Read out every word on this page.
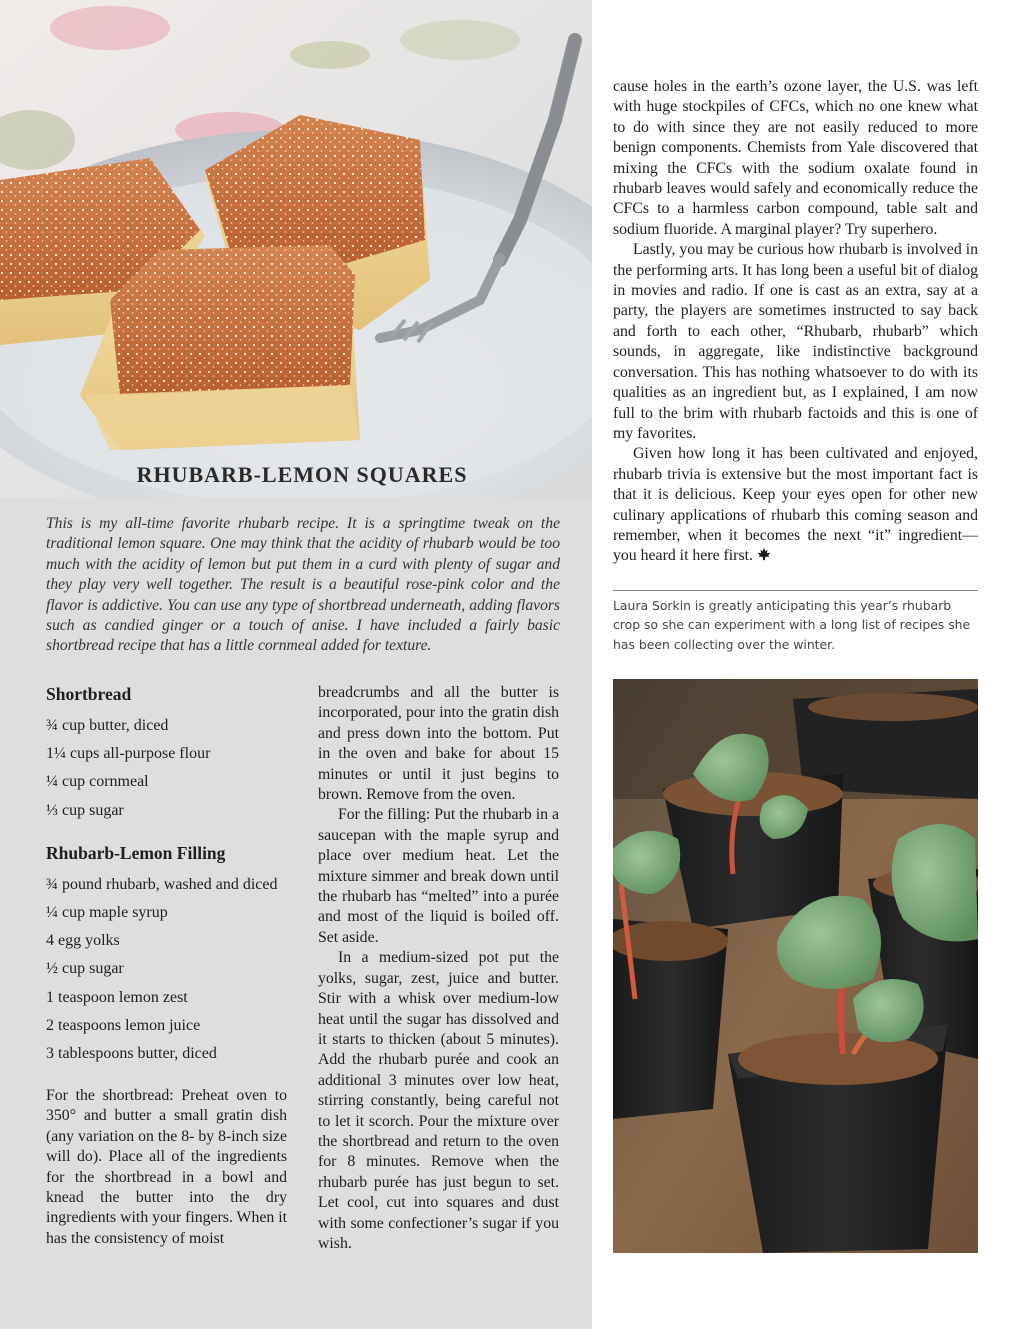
RHUBARB-LEMON SQUARES
This is my all-time favorite rhubarb recipe. It is a springtime tweak on the traditional lemon square. One may think that the acidity of rhubarb would be too much with the acidity of lemon but put them in a curd with plenty of sugar and they play very well together. The result is a beautiful rose-pink color and the flavor is addictive. You can use any type of shortbread underneath, adding flavors such as candied ginger or a touch of anise. I have included a fairly basic shortbread recipe that has a little cornmeal added for texture.
Shortbread
¾ cup butter, diced
1¼ cups all-purpose flour
¼ cup cornmeal
⅓ cup sugar
Rhubarb-Lemon Filling
¾ pound rhubarb, washed and diced
¼ cup maple syrup
4 egg yolks
½ cup sugar
1 teaspoon lemon zest
2 teaspoons lemon juice
3 tablespoons butter, diced

For the shortbread: Preheat oven to 350° and butter a small gratin dish (any variation on the 8- by 8-inch size will do). Place all of the ingredients for the shortbread in a bowl and knead the butter into the dry ingredients with your fingers. When it has the consistency of moist

breadcrumbs and all the butter is incorporated, pour into the gratin dish and press down into the bottom. Put in the oven and bake for about 15 minutes or until it just begins to brown. Remove from the oven.

For the filling: Put the rhubarb in a saucepan with the maple syrup and place over medium heat. Let the mixture simmer and break down until the rhubarb has “melted” into a purée and most of the liquid is boiled off. Set aside.

In a medium-sized pot put the yolks, sugar, zest, juice and butter. Stir with a whisk over medium-low heat until the sugar has dissolved and it starts to thicken (about 5 minutes). Add the rhubarb purée and cook an additional 3 minutes over low heat, stirring constantly, being careful not to let it scorch. Pour the mixture over the shortbread and return to the oven for 8 minutes. Remove when the rhubarb purée has just begun to set. Let cool, cut into squares and dust with some confectioner’s sugar if you wish.

cause holes in the earth’s ozone layer, the U.S. was left with huge stockpiles of CFCs, which no one knew what to do with since they are not easily reduced to more benign components. Chemists from Yale discovered that mixing the CFCs with the sodium oxalate found in rhubarb leaves would safely and economically reduce the CFCs to a harmless carbon compound, table salt and sodium fluoride. A marginal player? Try superhero.

Lastly, you may be curious how rhubarb is involved in the performing arts. It has long been a useful bit of dialog in movies and radio. If one is cast as an extra, say at a party, the players are sometimes instructed to say back and forth to each other, “Rhubarb, rhubarb” which sounds, in aggregate, like indistinctive background conversation. This has nothing whatsoever to do with its qualities as an ingredient but, as I explained, I am now full to the brim with rhubarb factoids and this is one of my favorites.

Given how long it has been cultivated and enjoyed, rhubarb trivia is extensive but the most important fact is that it is delicious. Keep your eyes open for other new culinary applications of rhubarb this coming season and remember, when it becomes the next “it” ingredient—you heard it here first.

Laura Sorkin is greatly anticipating this year’s rhubarb crop so she can experiment with a long list of recipes she has been collecting over the winter.
